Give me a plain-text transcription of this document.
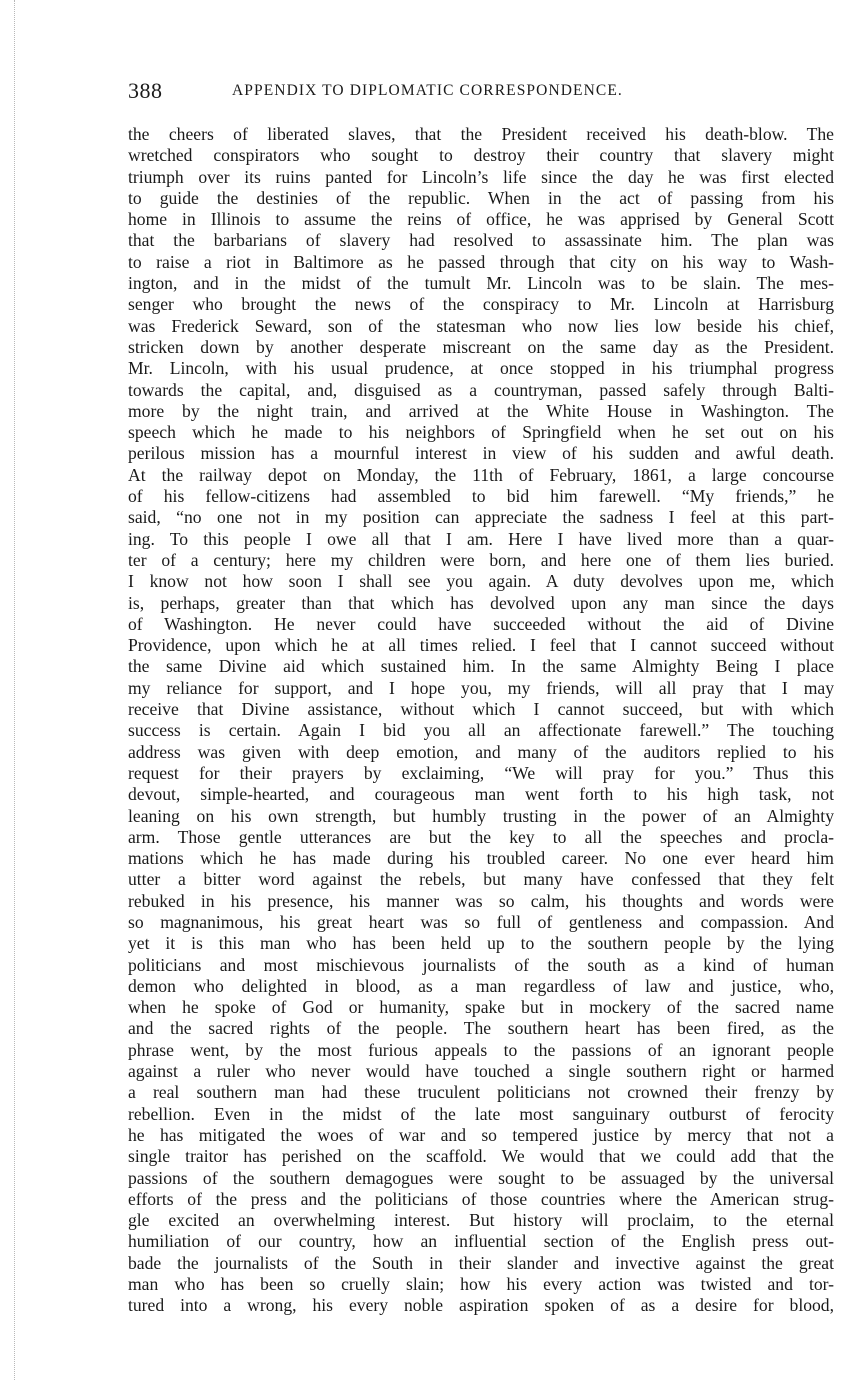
388	APPENDIX TO DIPLOMATIC CORRESPONDENCE.
the cheers of liberated slaves, that the President received his death-blow. The
wretched conspirators who sought to destroy their country that slavery might
triumph over its ruins panted for Lincoln’s life since the day he was first elected
to guide the destinies of the republic. When in the act of passing from his
home in Illinois to assume the reins of office, he was apprised by General Scott
that the barbarians of slavery had resolved to assassinate him. The plan was
to raise a riot in Baltimore as he passed through that city on his way to Wash-
ington, and in the midst of the tumult Mr. Lincoln was to be slain. The mes-
senger who brought the news of the conspiracy to Mr. Lincoln at Harrisburg
was Frederick Seward, son of the statesman who now lies low beside his chief,
stricken down by another desperate miscreant on the same day as the President.
Mr. Lincoln, with his usual prudence, at once stopped in his triumphal progress
towards the capital, and, disguised as a countryman, passed safely through Balti-
more by the night train, and arrived at the White House in Washington. The
speech which he made to his neighbors of Springfield when he set out on his
perilous mission has a mournful interest in view of his sudden and awful death.
At the railway depot on Monday, the 11th of February, 1861, a large concourse
of his fellow-citizens had assembled to bid him farewell. “My friends,” he
said, “no one not in my position can appreciate the sadness I feel at this part-
ing. To this people I owe all that I am. Here I have lived more than a quar-
ter of a century; here my children were born, and here one of them lies buried.
I know not how soon I shall see you again. A duty devolves upon me, which
is, perhaps, greater than that which has devolved upon any man since the days
of Washington. He never could have succeeded without the aid of Divine
Providence, upon which he at all times relied. I feel that I cannot succeed without
the same Divine aid which sustained him. In the same Almighty Being I place
my reliance for support, and I hope you, my friends, will all pray that I may
receive that Divine assistance, without which I cannot succeed, but with which
success is certain. Again I bid you all an affectionate farewell.” The touching
address was given with deep emotion, and many of the auditors replied to his
request for their prayers by exclaiming, “We will pray for you.” Thus this
devout, simple-hearted, and courageous man went forth to his high task, not
leaning on his own strength, but humbly trusting in the power of an Almighty
arm. Those gentle utterances are but the key to all the speeches and procla-
mations which he has made during his troubled career. No one ever heard him
utter a bitter word against the rebels, but many have confessed that they felt
rebuked in his presence, his manner was so calm, his thoughts and words were
so magnanimous, his great heart was so full of gentleness and compassion. And
yet it is this man who has been held up to the southern people by the lying
politicians and most mischievous journalists of the south as a kind of human
demon who delighted in blood, as a man regardless of law and justice, who,
when he spoke of God or humanity, spake but in mockery of the sacred name
and the sacred rights of the people. The southern heart has been fired, as the
phrase went, by the most furious appeals to the passions of an ignorant people
against a ruler who never would have touched a single southern right or harmed
a real southern man had these truculent politicians not crowned their frenzy by
rebellion. Even in the midst of the late most sanguinary outburst of ferocity
he has mitigated the woes of war and so tempered justice by mercy that not a
single traitor has perished on the scaffold. We would that we could add that the
passions of the southern demagogues were sought to be assuaged by the universal
efforts of the press and the politicians of those countries where the American strug-
gle excited an overwhelming interest. But history will proclaim, to the eternal
humiliation of our country, how an influential section of the English press out-
bade the journalists of the South in their slander and invective against the great
man who has been so cruelly slain; how his every action was twisted and tor-
tured into a wrong, his every noble aspiration spoken of as a desire for blood,
